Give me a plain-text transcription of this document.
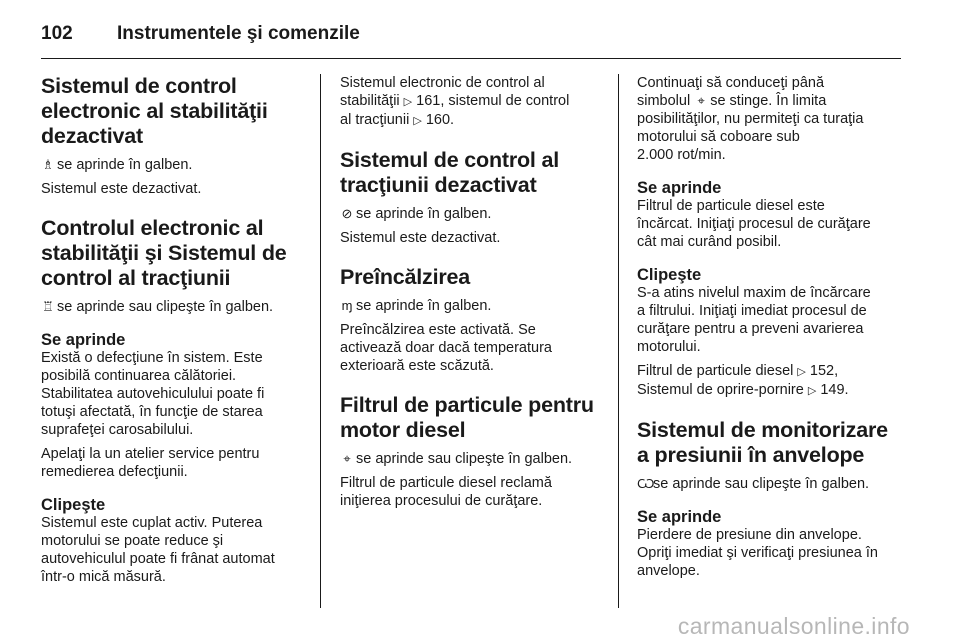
102	Instrumentele şi comenzile
Sistemul de control
electronic al stabilităţii
dezactivat

♗ se aprinde în galben.

Sistemul este dezactivat.

Controlul electronic al
stabilităţii şi Sistemul de
control al tracţiunii

♖ se aprinde sau clipeşte în galben.

Se aprinde

Există o defecţiune în sistem. Este
posibilă continuarea călătoriei.
Stabilitatea autovehiculului poate fi
totuşi afectată, în funcţie de starea
suprafeţei carosabilului.

Apelaţi la un atelier service pentru
remedierea defecţiunii.

Clipeşte

Sistemul este cuplat activ. Puterea
motorului se poate reduce şi
autovehiculul poate fi frânat automat
într-o mică măsură.

Sistemul electronic de control al
stabilităţii ▷ 161, sistemul de control
al tracţiunii ▷ 160.

Sistemul de control al
tracţiunii dezactivat

⊘ se aprinde în galben.

Sistemul este dezactivat.

Preîncălzirea

ɱ se aprinde în galben.

Preîncălzirea este activată. Se
activează doar dacă temperatura
exterioară este scăzută.

Filtrul de particule pentru
motor diesel

⌖ se aprinde sau clipeşte în galben.

Filtrul de particule diesel reclamă
iniţierea procesului de curăţare.

Continuaţi să conduceţi până
simbolul ⌖ se stinge. În limita
posibilităţilor, nu permiteţi ca turaţia
motorului să coboare sub
2.000 rot/min.

Se aprinde

Filtrul de particule diesel este
încărcat. Iniţiaţi procesul de curăţare
cât mai curând posibil.

Clipeşte

S-a atins nivelul maxim de încărcare
a filtrului. Iniţiaţi imediat procesul de
curăţare pentru a preveni avarierea
motorului.

Filtrul de particule diesel ▷ 152,
Sistemul de oprire-pornire ▷ 149.

Sistemul de monitorizare
a presiunii în anvelope

Ѡse aprinde sau clipeşte în galben.

Se aprinde

Pierdere de presiune din anvelope.
Opriţi imediat şi verificaţi presiunea în
anvelope.

carmanualsonline.info
